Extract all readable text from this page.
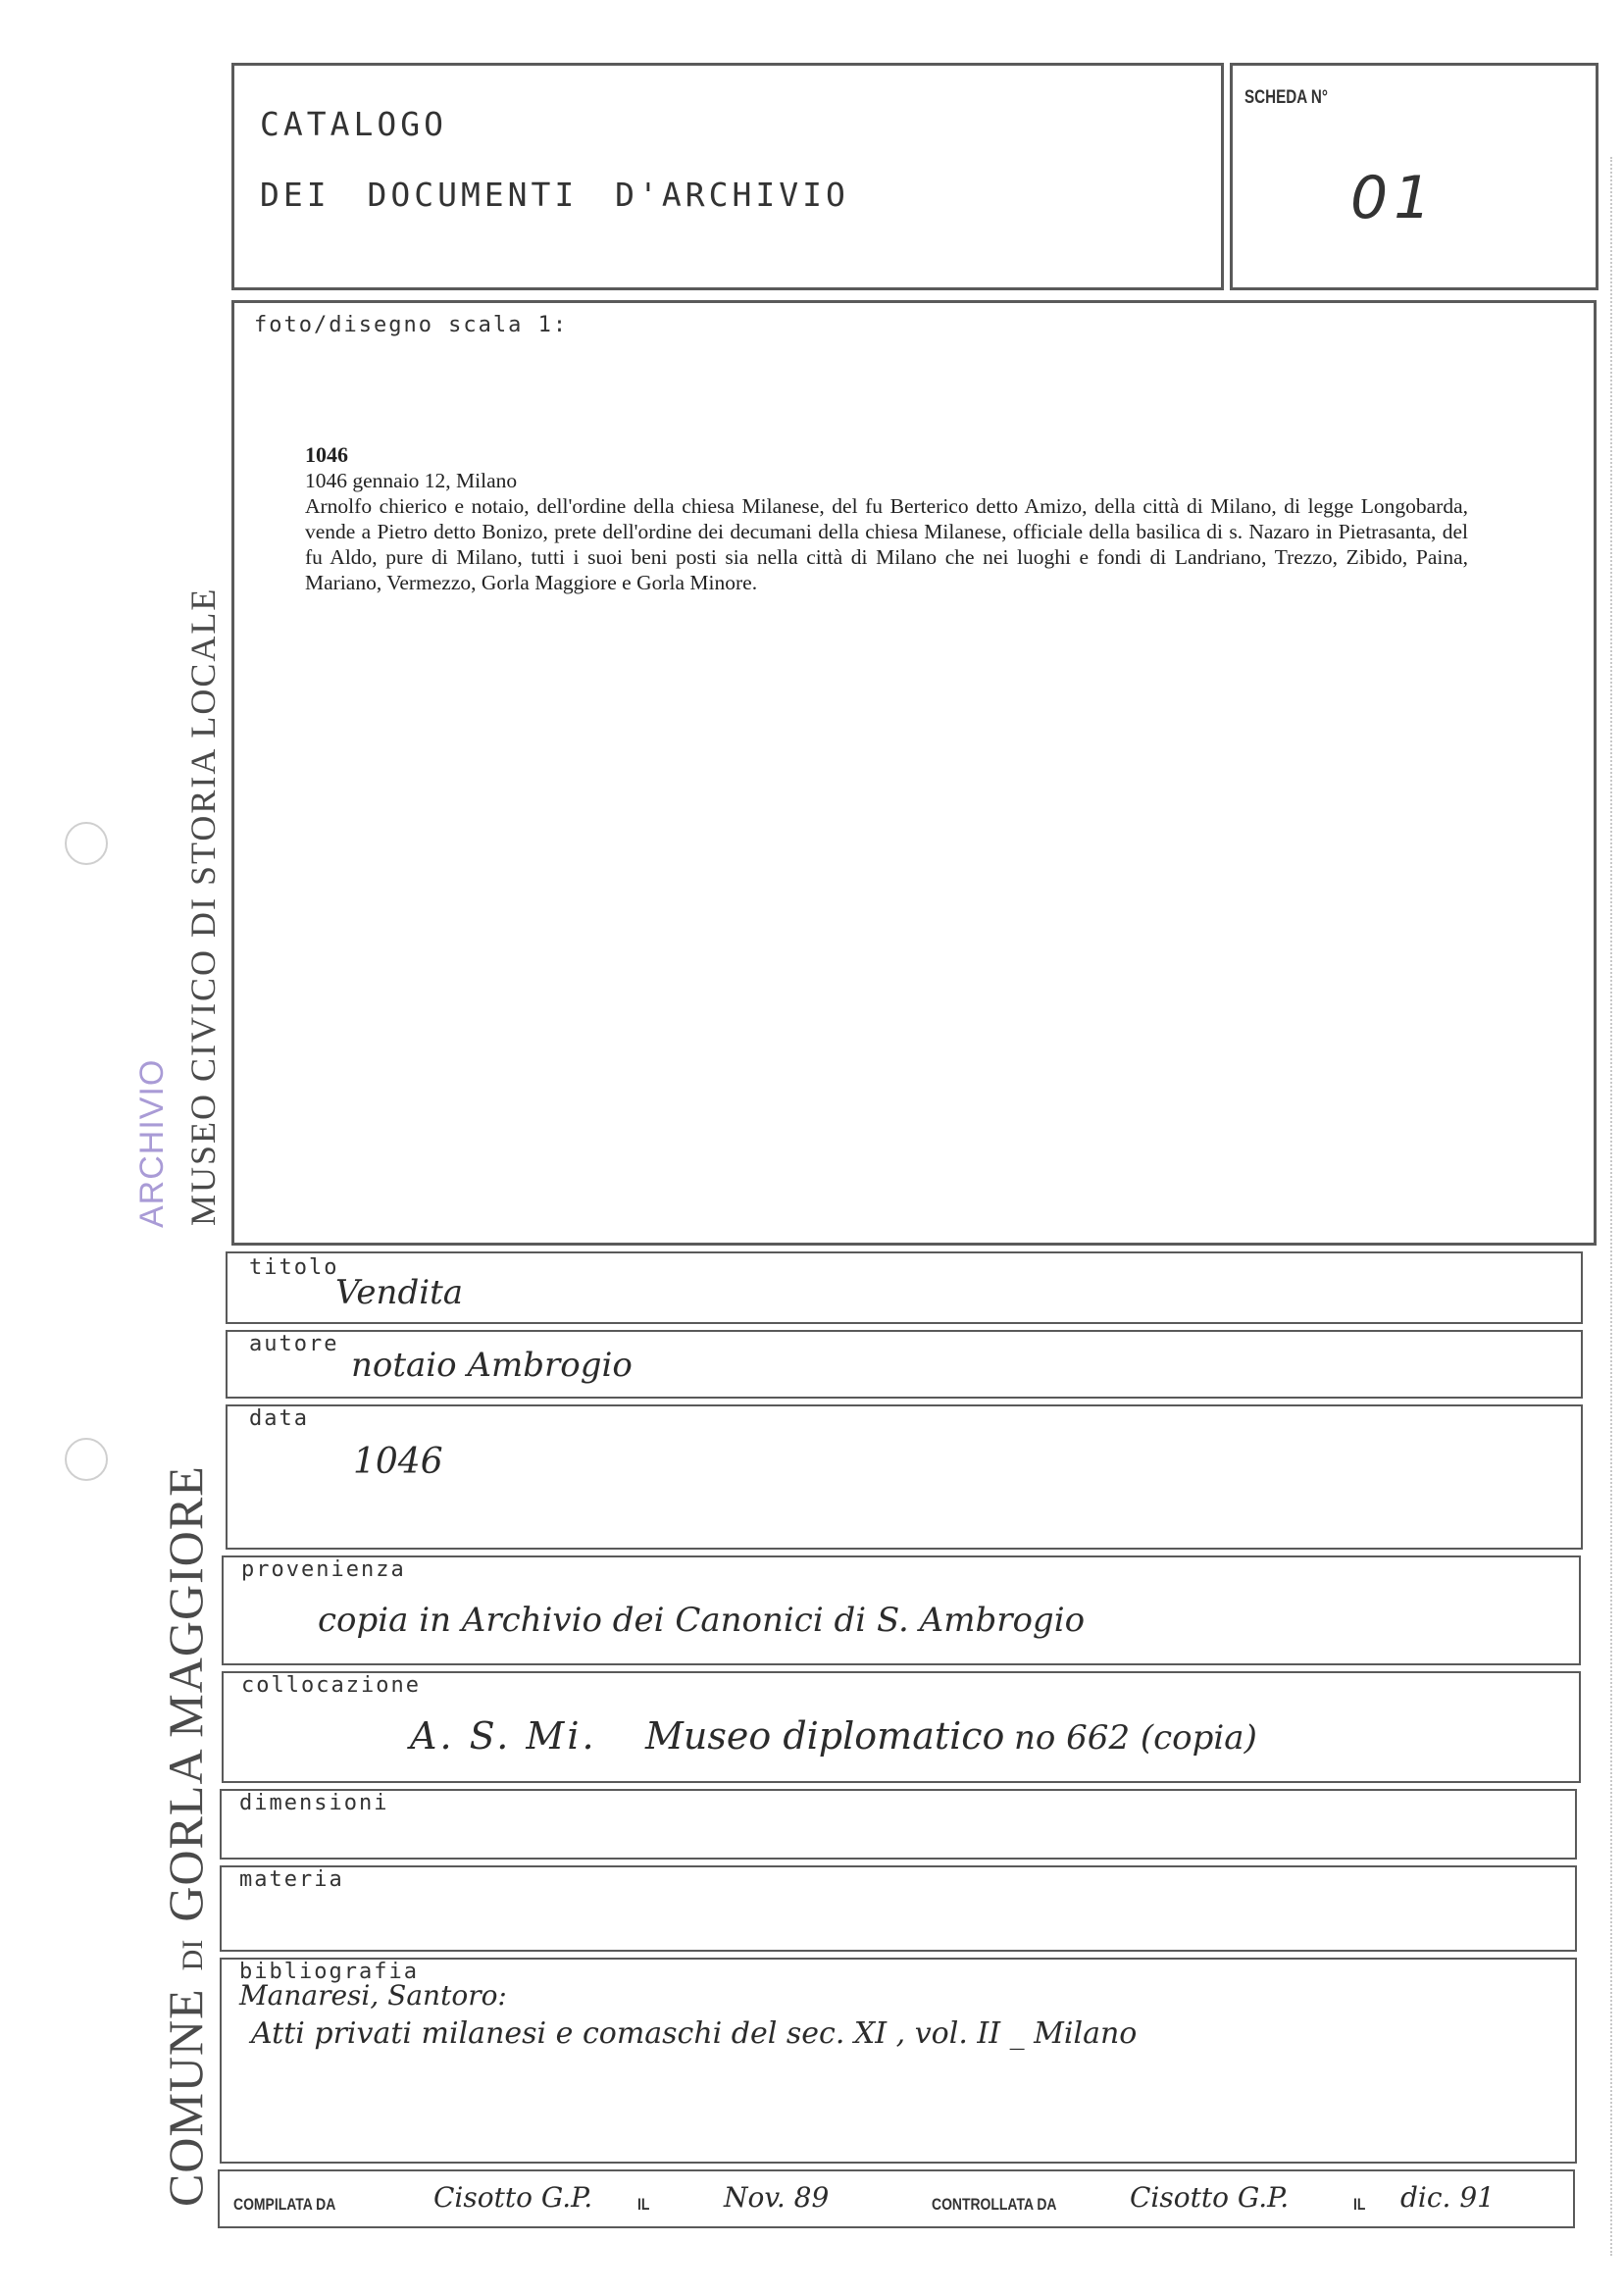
COMUNE DI GORLA MAGGIORE
MUSEO CIVICO DI STORIA LOCALE
ARCHIVIO
CATALOGO
DEI DOCUMENTI D'ARCHIVIO
SCHEDA N°
01
foto/disegno scala 1:
1046
1046 gennaio 12, Milano
Arnolfo chierico e notaio, dell'ordine della chiesa Milanese, del fu Berterico detto Amizo, della città di Milano, di legge Longobarda, vende a Pietro detto Bonizo, prete dell'ordine dei decumani della chiesa Milanese, officiale della basilica di s. Nazaro in Pietrasanta, del fu Aldo, pure di Milano, tutti i suoi beni posti sia nella città di Milano che nei luoghi e fondi di Landriano, Trezzo, Zibido, Paina, Mariano, Vermezzo, Gorla Maggiore e Gorla Minore.
titolo
Vendita
autore
notaio Ambrogio
data
1046
provenienza
copia in Archivio dei Canonici di S. Ambrogio
collocazione
A. S. Mi. Museo diplomatico no 662 (copia)
dimensioni
materia
bibliografia
Manaresi, Santoro:
Atti privati milanesi e comaschi del sec. XI , vol. II _ Milano
COMPILATA DA	Cisotto G.P.	IL	Nov. 89	CONTROLLATA DA	Cisotto G.P.	IL dic. 91
